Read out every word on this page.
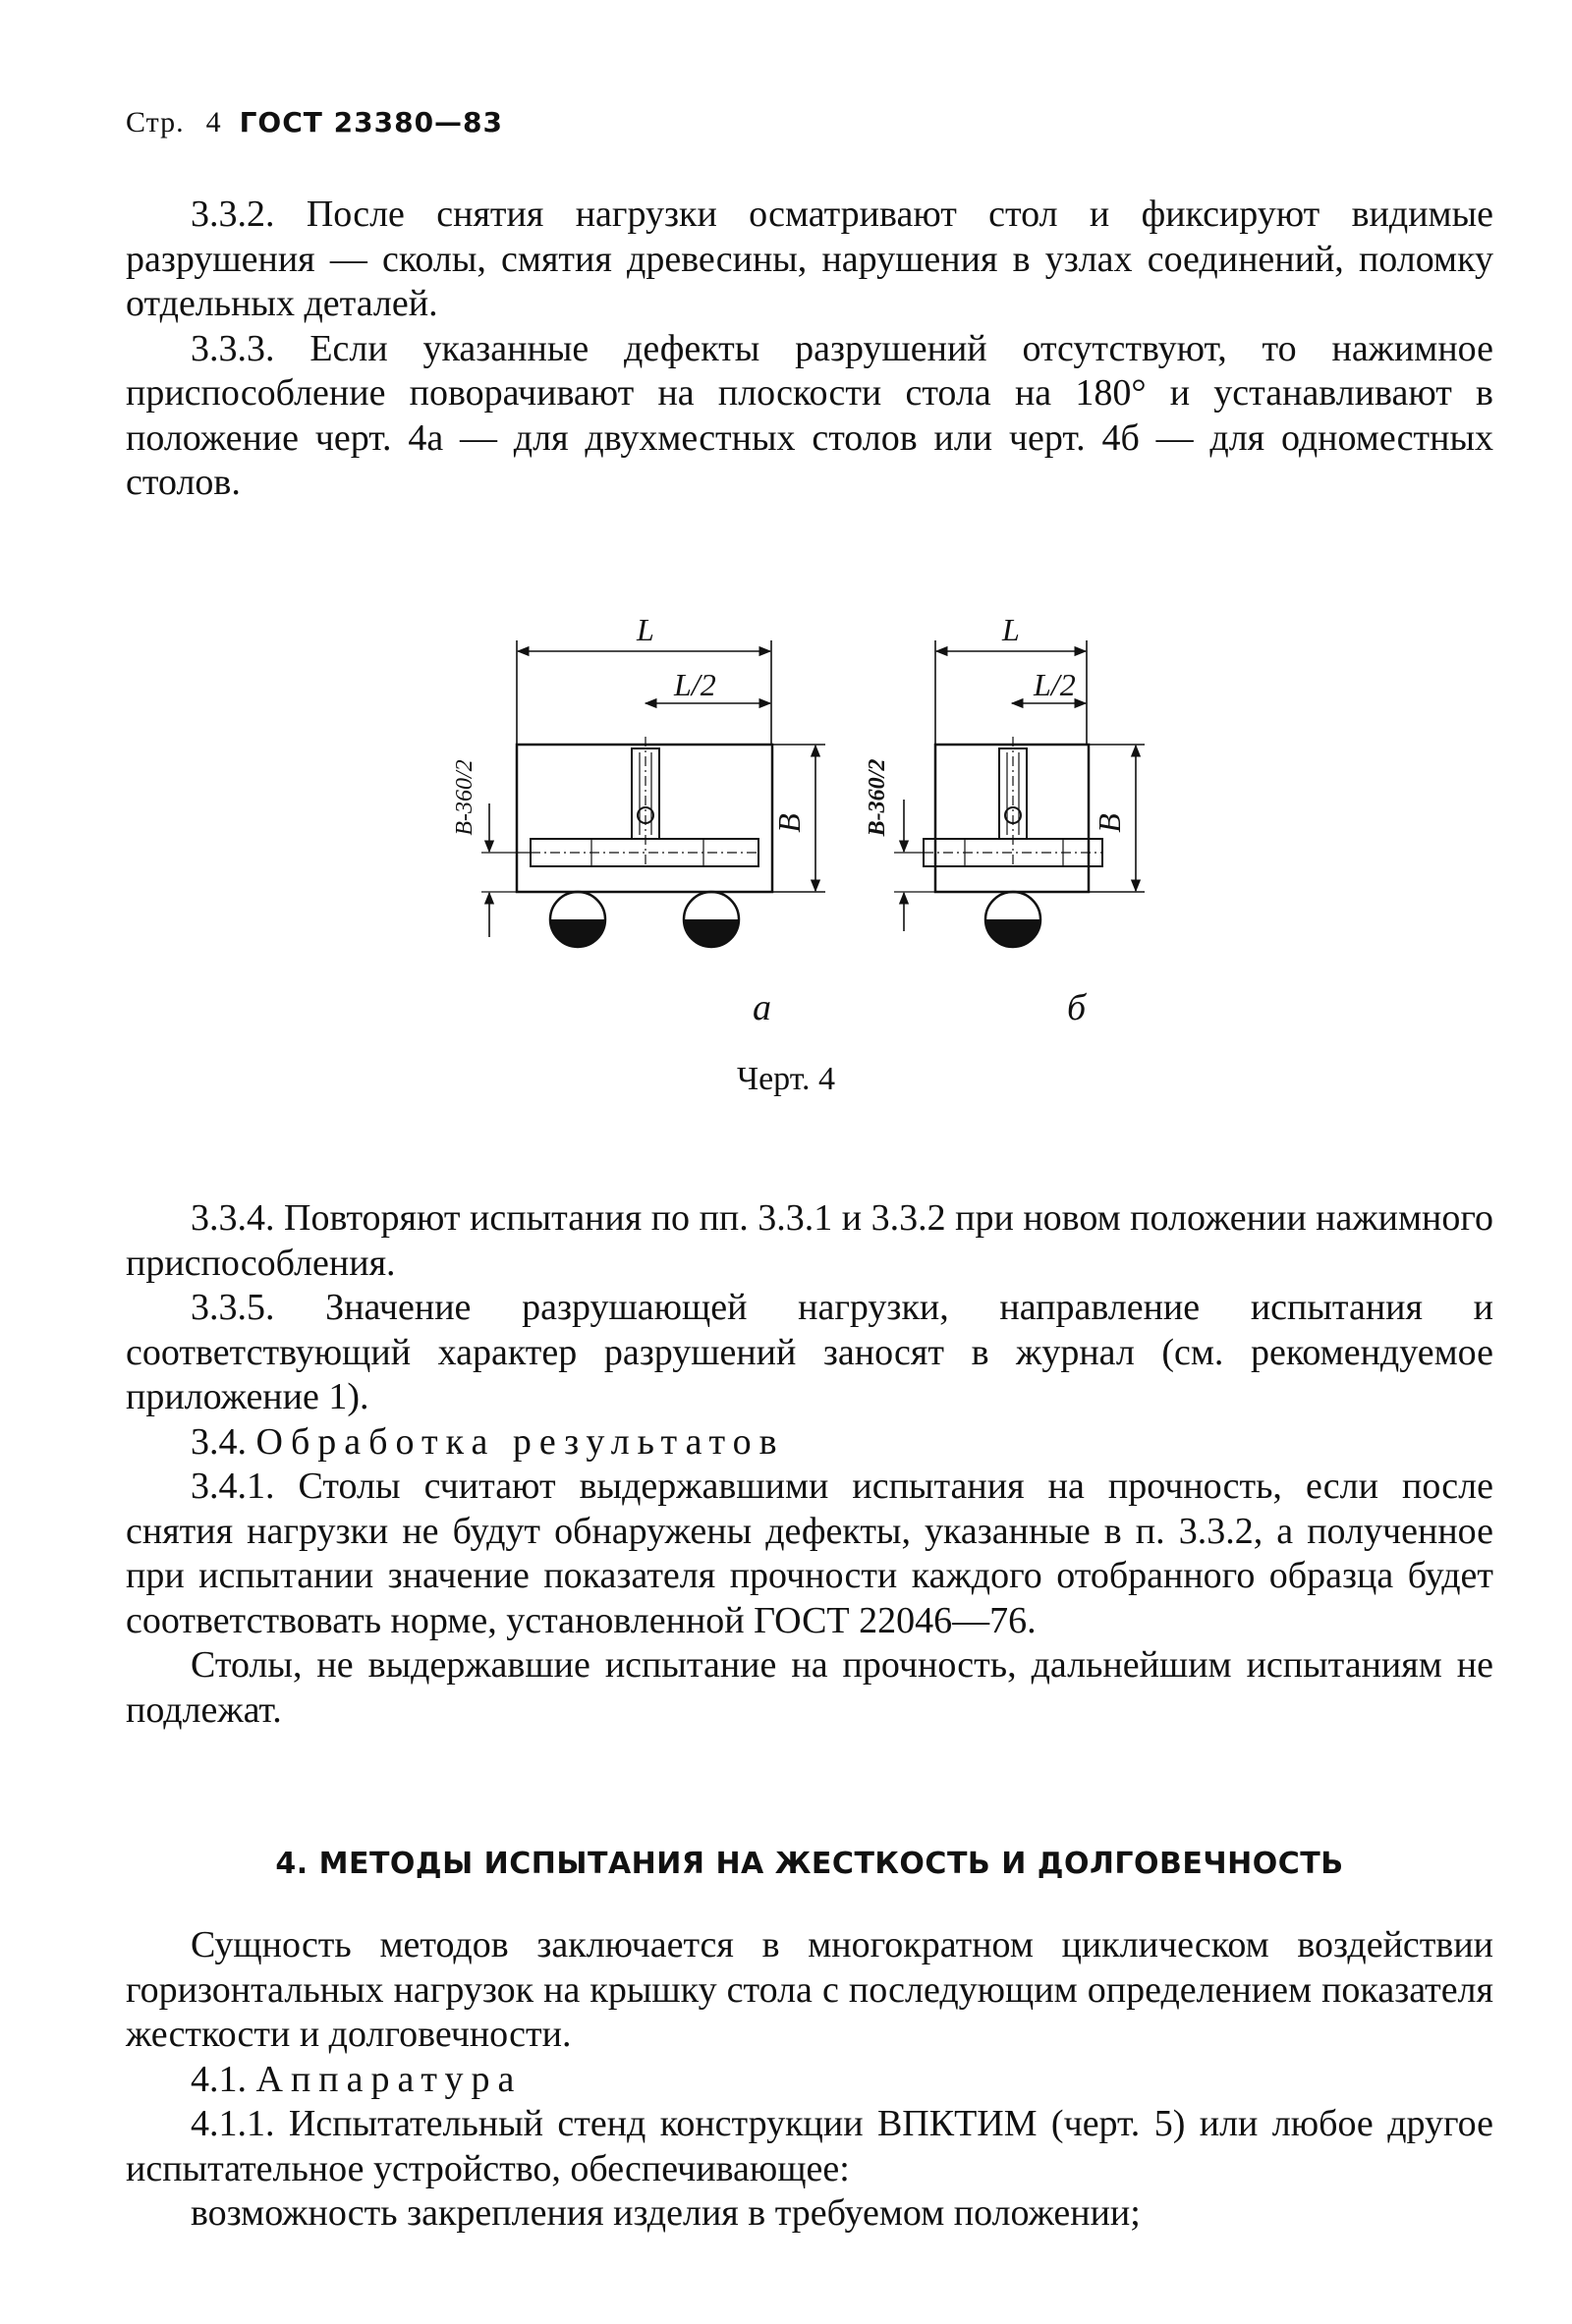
Стр. 4 ГОСТ 23380—83

3.3.2. После снятия нагрузки осматривают стол и фиксируют видимые разрушения — сколы, смятия древесины, нарушения в узлах соединений, поломку отдельных деталей.

3.3.3. Если указанные дефекты разрушений отсутствуют, то нажимное приспособление поворачивают на плоскости стола на 180° и устанавливают в положение черт. 4а — для двухместных столов или черт. 4б — для одноместных столов.

L
L/2
L
L/2
B	B
B-360/2	B-360/2
а	б
Черт. 4

3.3.4. Повторяют испытания по пп. 3.3.1 и 3.3.2 при новом положении нажимного приспособления.

3.3.5. Значение разрушающей нагрузки, направление испытания и соответствующий характер разрушений заносят в журнал (см. рекомендуемое приложение 1).

3.4. Обработка результатов

3.4.1. Столы считают выдержавшими испытания на прочность, если после снятия нагрузки не будут обнаружены дефекты, указанные в п. 3.3.2, а полученное при испытании значение показателя прочности каждого отобранного образца будет соответствовать норме, установленной ГОСТ 22046—76.

Столы, не выдержавшие испытание на прочность, дальнейшим испытаниям не подлежат.

4. МЕТОДЫ ИСПЫТАНИЯ НА ЖЕСТКОСТЬ И ДОЛГОВЕЧНОСТЬ

Сущность методов заключается в многократном циклическом воздействии горизонтальных нагрузок на крышку стола с последующим определением показателя жесткости и долговечности.

4.1. Аппаратура

4.1.1. Испытательный стенд конструкции ВПКТИМ (черт. 5) или любое другое испытательное устройство, обеспечивающее:

возможность закрепления изделия в требуемом положении;
